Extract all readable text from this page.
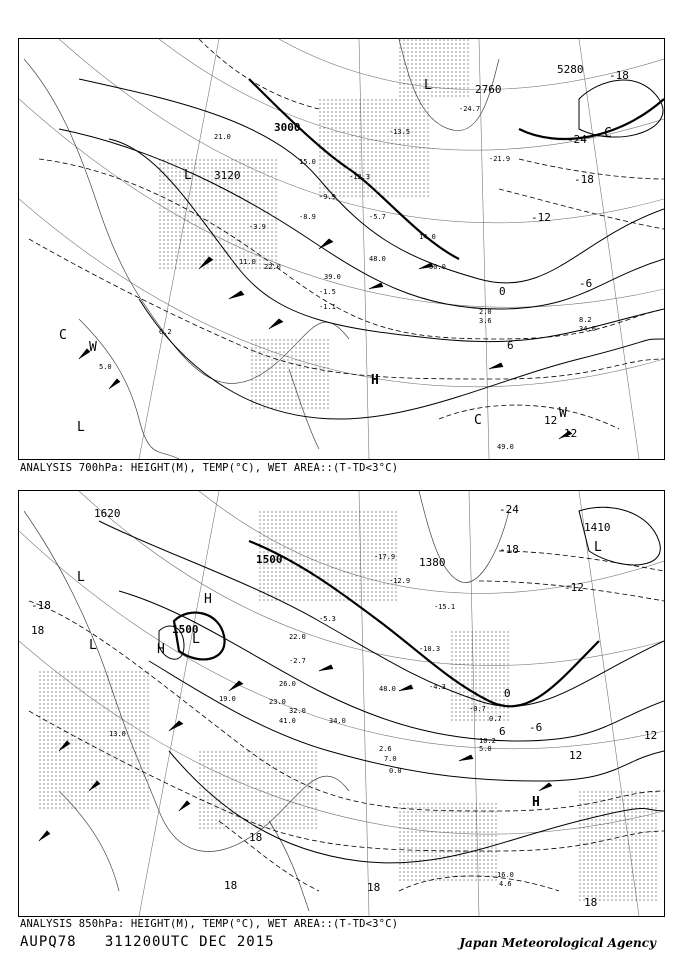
3000
3120
2760
5280
-24
-18
-12
-6
0
6
12
12
-18
L
L
H
C
C
W
W
C
L
-21.9
-24.7
-13.5
-12.3
-9.9
-8.9	-5.7
-3.9
-1.5
-1.1
2.0
3.6
5.0
6.2
8.2
11.0
14.0
15.0
21.0
22.0	30.0
34.0
39.0
48.0
49.0
ANALYSIS 700hPa: HEIGHT(M), TEMP(°C), WET AREA::(T-TD<3°C)
1500
1500
1380
1620
1410
-24
-18
-12
-6
0
6
12
12
18
18	18
18
-18
18
L
L
H
H
L
H
L
-15.1
-17.9
-12.9
-10.3
-5.3
-4.3
-2.7
-0.7
0.0
0.7
2.6
4.6
5.0
7.0
10.2
13.0
16.0
19.0
22.0
23.0
26.0
32.0
34.0
41.0
48.0
ANALYSIS 850hPa: HEIGHT(M), TEMP(°C), WET AREA::(T-TD<3°C)
AUPQ78 311200UTC DEC 2015	Japan Meteorological Agency
